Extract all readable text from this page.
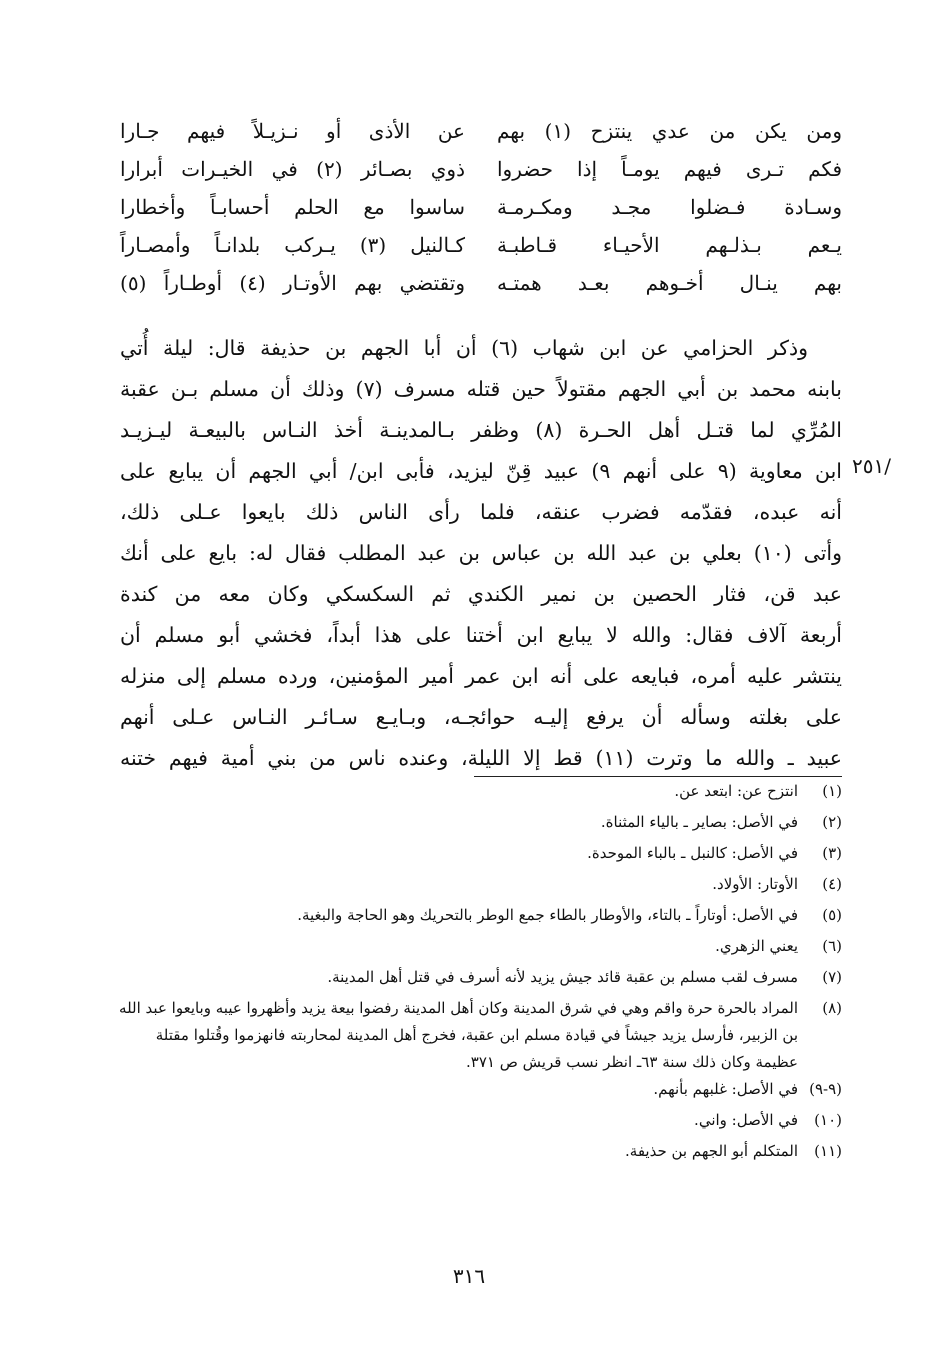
ومن يكن من عدي ينتزح (١) بهم
عن الأذى أو نـزيـلاً فيهم جـارا
فكم تـرى فيهم يومـاً إذا حضروا
ذوي بصـائر (٢) في الخيـرات أبرارا
وسـادة فـضلوا مجـد ومكـرمـة
ساسوا مع الحلم أحسابـاً وأخطارا
يـعم بـذلـهم الأحيـاء قـاطبـة
كـالنيل (٣) يـركب بلدانـاً وأمصـاراً
بهم ينـال أخـوهم بعـد همتـه
وتقتضي بهم الأوتـار (٤) أوطـاراً (٥)
وذكر الحزامي عن ابن شهاب (٦) أن أبا الجهم بن حذيفة قال: ليلة أُتي
بابنه محمد بن أبي الجهم مقتولاً حين قتله مسرف (٧) وذلك أن مسلم بـن عقبة
المُرِّي لما قتـل أهل الحـرة (٨) وظفر بـالمدينـة أخذ النـاس بالبيعـة ليـزيـد
ابن معاوية (٩ على أنهم ٩) عبيد قِنّ ليزيد، فأبى ابن/ أبي الجهم أن يبايع على
أنه عبده، فقدّمه فضرب عنقه، فلما رأى الناس ذلك بايعوا عـلى ذلك،
وأتى (١٠) بعلي بن عبد الله بن عباس بن عبد المطلب فقال له: بايع على أنك
عبد قن، فثار الحصين بن نمير الكندي ثم السكسكي وكان معه من كندة
أربعة آلاف فقال: والله لا يبايع ابن أختنا على هذا أبداً، فخشي أبو مسلم أن
ينتشر عليه أمره، فبايعه على أنه ابن عمر أمير المؤمنين، ورده مسلم إلى منزله
على بغلته وسأله أن يرفع إليـه حوائجـه، وبـايـع سـائـر النـاس عـلى أنهم
عبيد ـ والله ما وترت (١١) قط إلا الليلة، وعنده ناس من بني أمية فيهم ختنه
/٢٥١
(١)
انتزح عن: ابتعد عن.
(٢)
في الأصل: بصاير ـ بالياء المثناة.
(٣)
في الأصل: كالنبل ـ بالباء الموحدة.
(٤)
الأوتار: الأولاد.
(٥)
في الأصل: أوتاراً ـ بالتاء، والأوطار بالطاء جمع الوطر بالتحريك وهو الحاجة والبغية.
(٦)
يعني الزهري.
(٧)
مسرف لقب مسلم بن عقبة قائد جيش يزيد لأنه أسرف في قتل أهل المدينة.
(٨)
المراد بالحرة حرة واقم وهي في شرق المدينة وكان أهل المدينة رفضوا بيعة يزيد وأظهروا عيبه وبايعوا عبد الله بن الزبير، فأرسل يزيد جيشاً في قيادة مسلم ابن عقبة، فخرج أهل المدينة لمحاربته فانهزموا وقُتلوا مقتلة عظيمة وكان ذلك سنة ٦٣ـ انظر نسب قريش ص ٣٧١.
(٩-٩)
في الأصل: غلبهم بأنهم.
(١٠)
في الأصل: واني.
(١١)
المتكلم أبو الجهم بن حذيفة.
٣١٦
